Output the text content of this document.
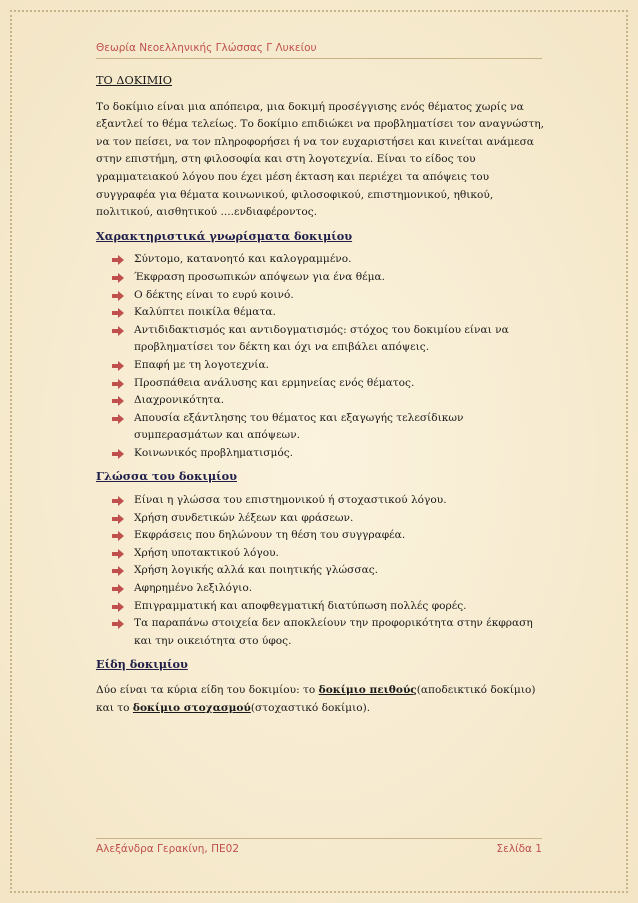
Θεωρία Νεοελληνικής Γλώσσας Γ Λυκείου

ΤΟ ΔΟΚΙΜΙΟ

Το δοκίμιο είναι μια απόπειρα, μια δοκιμή προσέγγισης ενός θέματος χωρίς να εξαντλεί το θέμα τελείως. Το δοκίμιο επιδιώκει να προβληματίσει τον αναγνώστη, να τον πείσει, να τον πληροφορήσει ή να τον ευχαριστήσει και κινείται ανάμεσα στην επιστήμη, στη φιλοσοφία και στη λογοτεχνία. Είναι το είδος του γραμματειακού λόγου που έχει μέση έκταση και περιέχει τα απόψεις του συγγραφέα για θέματα κοινωνικού, φιλοσοφικού, επιστημονικού, ηθικού, πολιτικού, αισθητικού ....ενδιαφέροντος.

Χαρακτηριστικά γνωρίσματα δοκιμίου

Σύντομο, κατανοητό και καλογραμμένο.
Έκφραση προσωπικών απόψεων για ένα θέμα.
Ο δέκτης είναι το ευρύ κοινό.
Καλύπτει ποικίλα θέματα.
Αντιδιδακτισμός και αντιδογματισμός: στόχος του δοκιμίου είναι να προβληματίσει τον δέκτη και όχι να επιβάλει απόψεις.
Επαφή με τη λογοτεχνία.
Προσπάθεια ανάλυσης και ερμηνείας ενός θέματος.
Διαχρονικότητα.
Απουσία εξάντλησης του θέματος και εξαγωγής τελεσίδικων συμπερασμάτων και απόψεων.
Κοινωνικός προβληματισμός.

Γλώσσα του δοκιμίου

Είναι η γλώσσα του επιστημονικού ή στοχαστικού λόγου.
Χρήση συνδετικών λέξεων και φράσεων.
Εκφράσεις που δηλώνουν τη θέση του συγγραφέα.
Χρήση υποτακτικού λόγου.
Χρήση λογικής αλλά και ποιητικής γλώσσας.
Αφηρημένο λεξιλόγιο.
Επιγραμματική και αποφθεγματική διατύπωση πολλές φορές.
Τα παραπάνω στοιχεία δεν αποκλείουν την προφορικότητα στην έκφραση και την οικειότητα στο ύφος.

Είδη δοκιμίου

Δύο είναι τα κύρια είδη του δοκιμίου: το δοκίμιο πειθούς(αποδεικτικό δοκίμιο) και το δοκίμιο στοχασμού(στοχαστικό δοκίμιο).

Αλεξάνδρα Γερακίνη, ΠΕ02	Σελίδα 1
